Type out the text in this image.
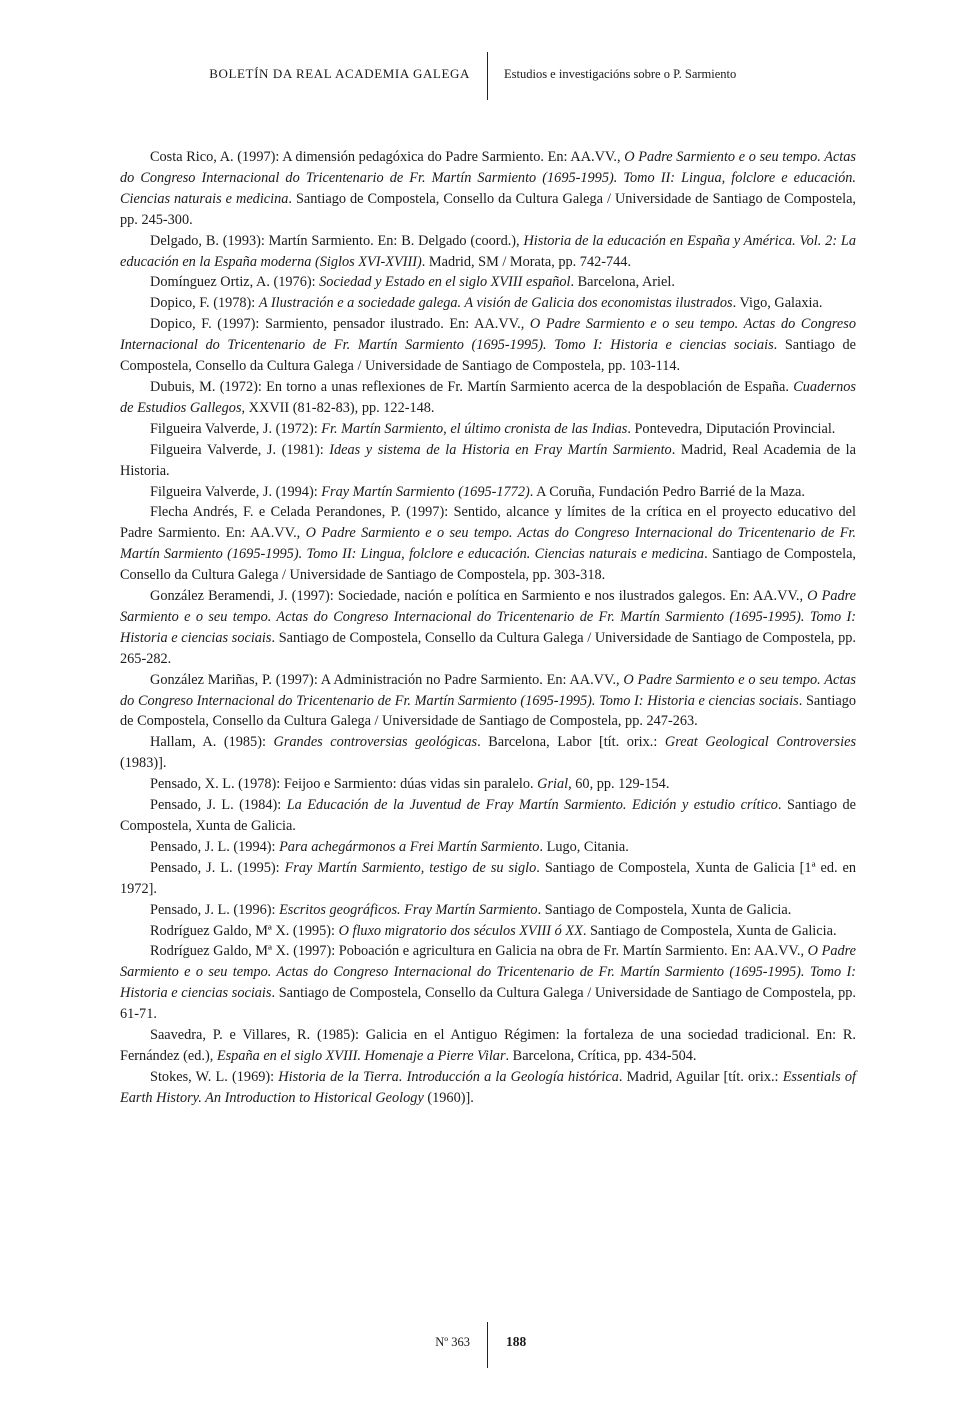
BOLETÍN DA REAL ACADEMIA GALEGA	Estudios e investigacións sobre o P. Sarmiento

Costa Rico, A. (1997): A dimensión pedagóxica do Padre Sarmiento. En: AA.VV., O Padre Sarmiento e o seu tempo. Actas do Congreso Internacional do Tricentenario de Fr. Martín Sarmiento (1695-1995). Tomo II: Lingua, folclore e educación. Ciencias naturais e medicina. Santiago de Compostela, Consello da Cultura Galega / Universidade de Santiago de Compostela, pp. 245-300.

Delgado, B. (1993): Martín Sarmiento. En: B. Delgado (coord.), Historia de la educación en España y América. Vol. 2: La educación en la España moderna (Siglos XVI-XVIII). Madrid, SM / Morata, pp. 742-744.

Domínguez Ortiz, A. (1976): Sociedad y Estado en el siglo XVIII español. Barcelona, Ariel.

Dopico, F. (1978): A Ilustración e a sociedade galega. A visión de Galicia dos economistas ilustrados. Vigo, Galaxia.

Dopico, F. (1997): Sarmiento, pensador ilustrado. En: AA.VV., O Padre Sarmiento e o seu tempo. Actas do Congreso Internacional do Tricentenario de Fr. Martín Sarmiento (1695-1995). Tomo I: Historia e ciencias sociais. Santiago de Compostela, Consello da Cultura Galega / Universidade de Santiago de Compostela, pp. 103-114.

Dubuis, M. (1972): En torno a unas reflexiones de Fr. Martín Sarmiento acerca de la despoblación de España. Cuadernos de Estudios Gallegos, XXVII (81-82-83), pp. 122-148.

Filgueira Valverde, J. (1972): Fr. Martín Sarmiento, el último cronista de las Indias. Pontevedra, Diputación Provincial.

Filgueira Valverde, J. (1981): Ideas y sistema de la Historia en Fray Martín Sarmiento. Madrid, Real Academia de la Historia.

Filgueira Valverde, J. (1994): Fray Martín Sarmiento (1695-1772). A Coruña, Fundación Pedro Barrié de la Maza.

Flecha Andrés, F. e Celada Perandones, P. (1997): Sentido, alcance y límites de la crítica en el proyecto educativo del Padre Sarmiento. En: AA.VV., O Padre Sarmiento e o seu tempo. Actas do Congreso Internacional do Tricentenario de Fr. Martín Sarmiento (1695-1995). Tomo II: Lingua, folclore e educación. Ciencias naturais e medicina. Santiago de Compostela, Consello da Cultura Galega / Universidade de Santiago de Compostela, pp. 303-318.

González Beramendi, J. (1997): Sociedade, nación e política en Sarmiento e nos ilustrados galegos. En: AA.VV., O Padre Sarmiento e o seu tempo. Actas do Congreso Internacional do Tricentenario de Fr. Martín Sarmiento (1695-1995). Tomo I: Historia e ciencias sociais. Santiago de Compostela, Consello da Cultura Galega / Universidade de Santiago de Compostela, pp. 265-282.

González Mariñas, P. (1997): A Administración no Padre Sarmiento. En: AA.VV., O Padre Sarmiento e o seu tempo. Actas do Congreso Internacional do Tricentenario de Fr. Martín Sarmiento (1695-1995). Tomo I: Historia e ciencias sociais. Santiago de Compostela, Consello da Cultura Galega / Universidade de Santiago de Compostela, pp. 247-263.

Hallam, A. (1985): Grandes controversias geológicas. Barcelona, Labor [tít. orix.: Great Geological Controversies (1983)].

Pensado, X. L. (1978): Feijoo e Sarmiento: dúas vidas sin paralelo. Grial, 60, pp. 129-154.

Pensado, J. L. (1984): La Educación de la Juventud de Fray Martín Sarmiento. Edición y estudio crítico. Santiago de Compostela, Xunta de Galicia.

Pensado, J. L. (1994): Para achegármonos a Frei Martín Sarmiento. Lugo, Citania.

Pensado, J. L. (1995): Fray Martín Sarmiento, testigo de su siglo. Santiago de Compostela, Xunta de Galicia [1ª ed. en 1972].

Pensado, J. L. (1996): Escritos geográficos. Fray Martín Sarmiento. Santiago de Compostela, Xunta de Galicia.

Rodríguez Galdo, Mª X. (1995): O fluxo migratorio dos séculos XVIII ó XX. Santiago de Compostela, Xunta de Galicia.

Rodríguez Galdo, Mª X. (1997): Poboación e agricultura en Galicia na obra de Fr. Martín Sarmiento. En: AA.VV., O Padre Sarmiento e o seu tempo. Actas do Congreso Internacional do Tricentenario de Fr. Martín Sarmiento (1695-1995). Tomo I: Historia e ciencias sociais. Santiago de Compostela, Consello da Cultura Galega / Universidade de Santiago de Compostela, pp. 61-71.

Saavedra, P. e Villares, R. (1985): Galicia en el Antiguo Régimen: la fortaleza de una sociedad tradicional. En: R. Fernández (ed.), España en el siglo XVIII. Homenaje a Pierre Vilar. Barcelona, Crítica, pp. 434-504.

Stokes, W. L. (1969): Historia de la Tierra. Introducción a la Geología histórica. Madrid, Aguilar [tít. orix.: Essentials of Earth History. An Introduction to Historical Geology (1960)].

Nº 363	188
